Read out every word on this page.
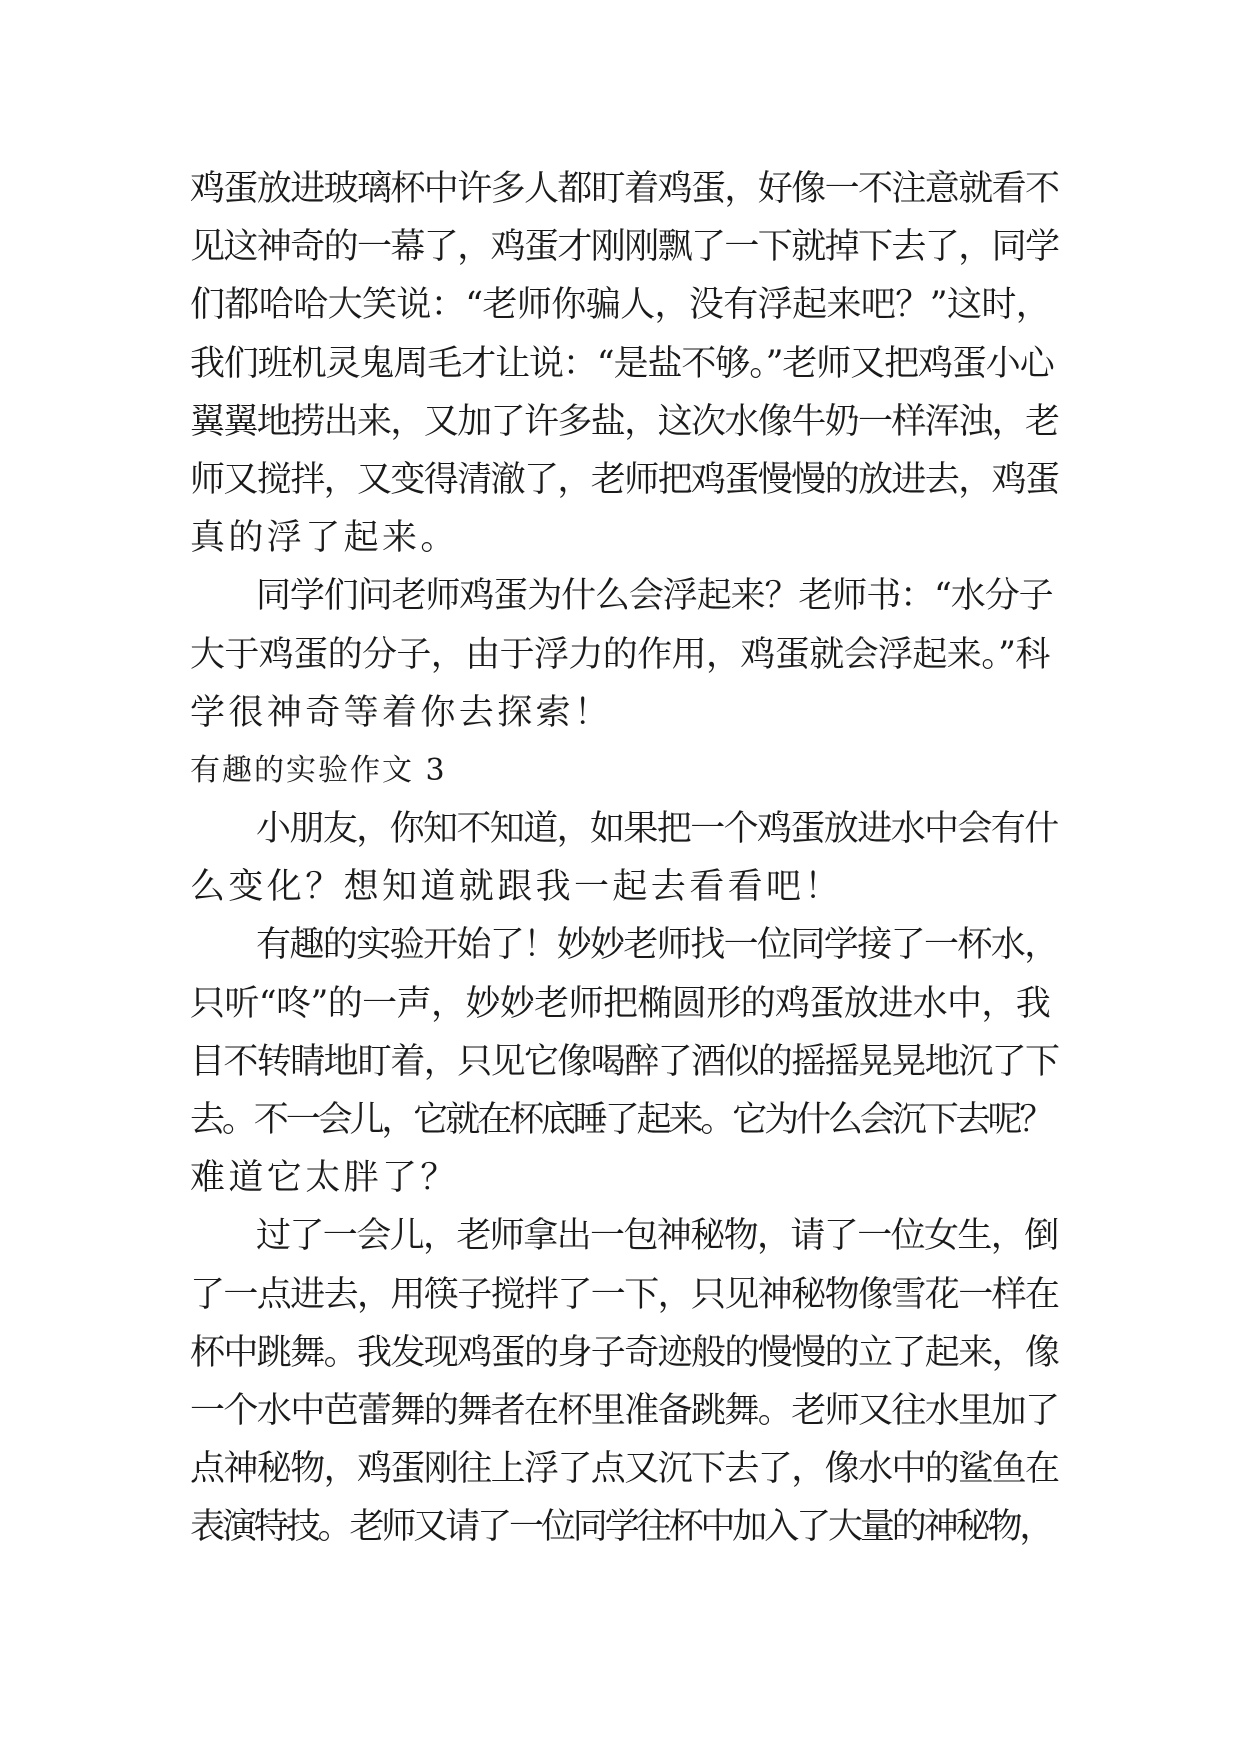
鸡蛋放进玻璃杯中许多人都盯着鸡蛋，好像一不注意就看不
见这神奇的一幕了，鸡蛋才刚刚飘了一下就掉下去了，同学
们都哈哈大笑说：“老师你骗人，没有浮起来吧？”这时，
我们班机灵鬼周毛才让说：“是盐不够。”老师又把鸡蛋小心
翼翼地捞出来，又加了许多盐，这次水像牛奶一样浑浊，老
师又搅拌，又变得清澈了，老师把鸡蛋慢慢的放进去，鸡蛋
真的浮了起来。
同学们问老师鸡蛋为什么会浮起来？老师书：“水分子
大于鸡蛋的分子，由于浮力的作用，鸡蛋就会浮起来。”科
学很神奇等着你去探索！
有趣的实验作文 3
小朋友，你知不知道，如果把一个鸡蛋放进水中会有什
么变化？想知道就跟我一起去看看吧！
有趣的实验开始了！妙妙老师找一位同学接了一杯水，
只听“咚”的一声，妙妙老师把椭圆形的鸡蛋放进水中，我
目不转睛地盯着，只见它像喝醉了酒似的摇摇晃晃地沉了下
去。不一会儿，它就在杯底睡了起来。它为什么会沉下去呢？
难道它太胖了？
过了一会儿，老师拿出一包神秘物，请了一位女生，倒
了一点进去，用筷子搅拌了一下，只见神秘物像雪花一样在
杯中跳舞。我发现鸡蛋的身子奇迹般的慢慢的立了起来，像
一个水中芭蕾舞的舞者在杯里准备跳舞。老师又往水里加了
点神秘物，鸡蛋刚往上浮了点又沉下去了，像水中的鲨鱼在
表演特技。老师又请了一位同学往杯中加入了大量的神秘物，
